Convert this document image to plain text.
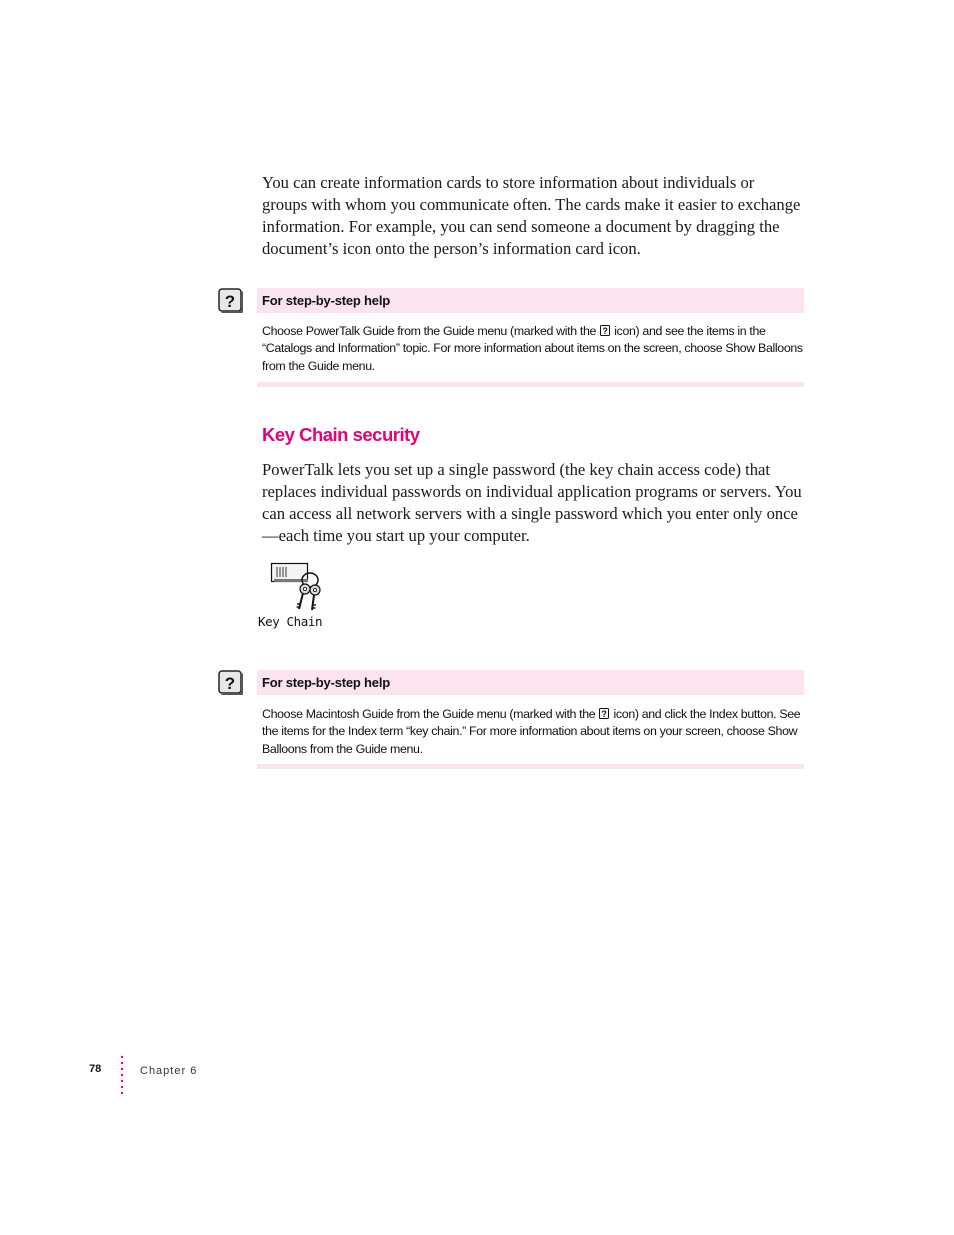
You can create information cards to store information about individuals or groups with whom you communicate often. The cards make it easier to exchange information. For example, you can send someone a document by dragging the document’s icon onto the person’s information card icon.

?	For step-by-step help

Choose PowerTalk Guide from the Guide menu (marked with the ? icon) and see the items in the “Catalogs and Information” topic. For more information about items on the screen, choose Show Balloons from the Guide menu.

Key Chain security

PowerTalk lets you set up a single password (the key chain access code) that replaces individual passwords on individual application programs or servers. You can access all network servers with a single password which you enter only once—each time you start up your computer.

Key Chain
?	For step-by-step help

Choose Macintosh Guide from the Guide menu (marked with the ? icon) and click the Index button. See the items for the Index term “key chain.” For more information about items on your screen, choose Show Balloons from the Guide menu.

78	Chapter 6
